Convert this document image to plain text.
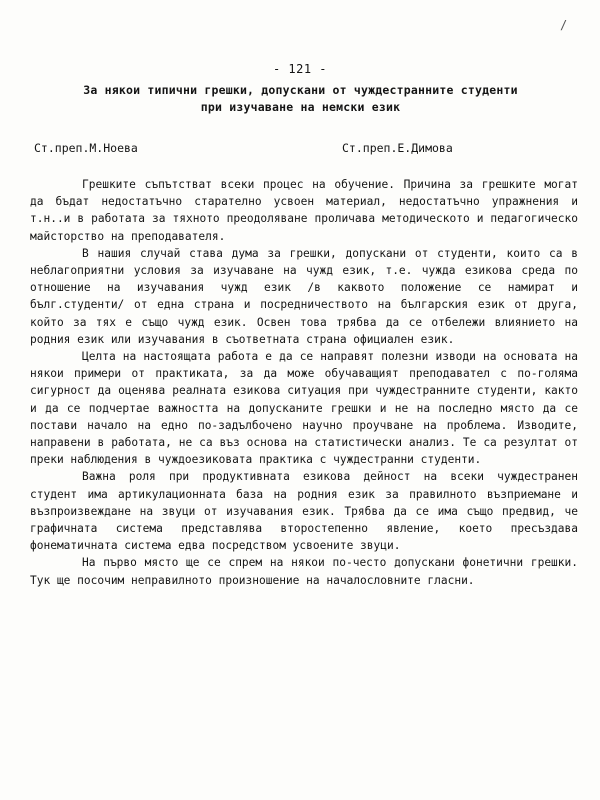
/
- 121 -
За някои типични грешки, допускани от чуждестранните студенти
при изучаване на немски език
Ст.преп.М.Ноева	Ст.преп.Е.Димова

Грешките съпътстват всеки процес на обучение. Причина за грешките могат да бъдат недостатъчно старателно усвоен материал, недостатъчно упражнения и т.н..и в работата за тяхното преодоляване проличава методическото и педагогическо майсторство на преподавателя.

В нашия случай става дума за грешки, допускани от студенти, които са в неблагоприятни условия за изучаване на чужд език, т.е. чужда езикова среда по отношение на изучавания чужд език /в каквото положение се намират и бълг.студенти/ от една страна и посредничеството на българския език от друга, който за тях е също чужд език. Освен това трябва да се отбележи влиянието на родния език или изучавания в съответната страна официален език.

Целта на настоящата работа е да се направят полезни изводи на основата на някои примери от практиката, за да може обучаващият преподавател с по-голяма сигурност да оценява реалната езикова ситуация при чуждестранните студенти, както и да се подчертае важността на допусканите грешки и не на последно място да се постави начало на едно по-задълбочено научно проучване на проблема. Изводите, направени в работата, не са въз основа на статистически анализ. Те са резултат от преки наблюдения в чуждоезиковата практика с чуждестранни студенти.

Важна роля при продуктивната езикова дейност на всеки чуждестранен студент има артикулационната база на родния език за правилното възприемане и възпроизвеждане на звуци от изучавания език. Трябва да се има също предвид, че графичната система представлява второстепенно явление, което пресъздава фонематичната система едва посредством усвоените звуци.

На първо място ще се спрем на някои по-често допускани фонетични грешки. Тук ще посочим неправилното произношение на началословните гласни.
